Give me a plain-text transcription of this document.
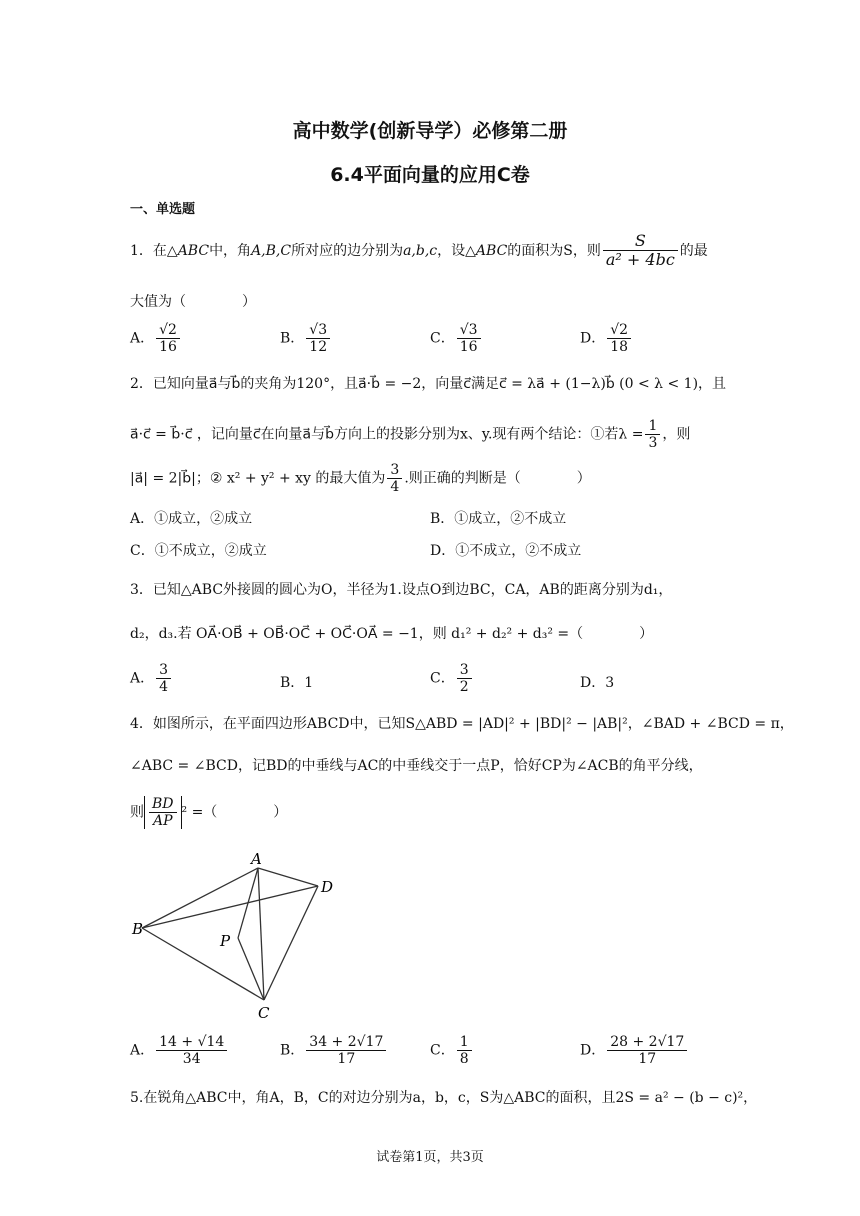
高中数学(创新导学）必修第二册
6.4平面向量的应用C卷
一、单选题
1．在△ABC中，角A,B,C所对应的边分别为a,b,c，设△ABC的面积为S，则 $\frac{S}{\text{a² + 4bc}}$ 的最
大值为（　　　　）
A． $\frac{√2}{16}$	B． $\frac{√3}{12}$	C． $\frac{√3}{16}$	D． $\frac{√2}{18}$
2．已知向量a⃗与b⃗的夹角为120°，且a⃗·b⃗ = −2，向量c⃗满足c⃗ = λa⃗ + (1−λ)b⃗ (0 < λ < 1)，且
a⃗·c⃗ = b⃗·c⃗ ，记向量c⃗在向量a⃗与b⃗方向上的投影分别为x、y.现有两个结论：①若$\lambda = \frac{1}{3}$ ，则
|a⃗| = 2|b⃗|；② x² + y² + xy 的最大值为 $\frac{3}{4}$ .则正确的判断是（　　　　）
A．①成立，②成立	B．①成立，②不成立
C．①不成立，②成立	D．①不成立，②不成立
3．已知△ABC外接圆的圆心为O，半径为1.设点O到边BC，CA，AB的距离分别为d₁，
d₂，d₃.若 OA⃗·OB⃗ + OB⃗·OC⃗ + OC⃗·OA⃗ = −1，则 d₁² + d₂² + d₃² =（　　　　）
A． $\frac{3}{4}$	B．1	C． $\frac{3}{2}$	D．3
4．如图所示，在平面四边形ABCD中，已知S△ABD = |AD|² + |BD|² − |AB|²，∠BAD + ∠BCD = π，
∠ABC = ∠BCD，记BD的中垂线与AC的中垂线交于一点P，恰好CP为∠ACB的角平分线，
则 $\frac{BD}{AP} ^2$ =（　　　　）
A
B
C
D
P
A． $\frac{14 + √14}{34}$	B． $\frac{34 + 2√17}{17}$	C． $\frac{1}{8}$	D． $\frac{28 + 2√17}{17}$
5.在锐角△ABC中，角A，B，C的对边分别为a，b，c，S为△ABC的面积，且2S = a² − (b − c)²，
试卷第1页，共3页
